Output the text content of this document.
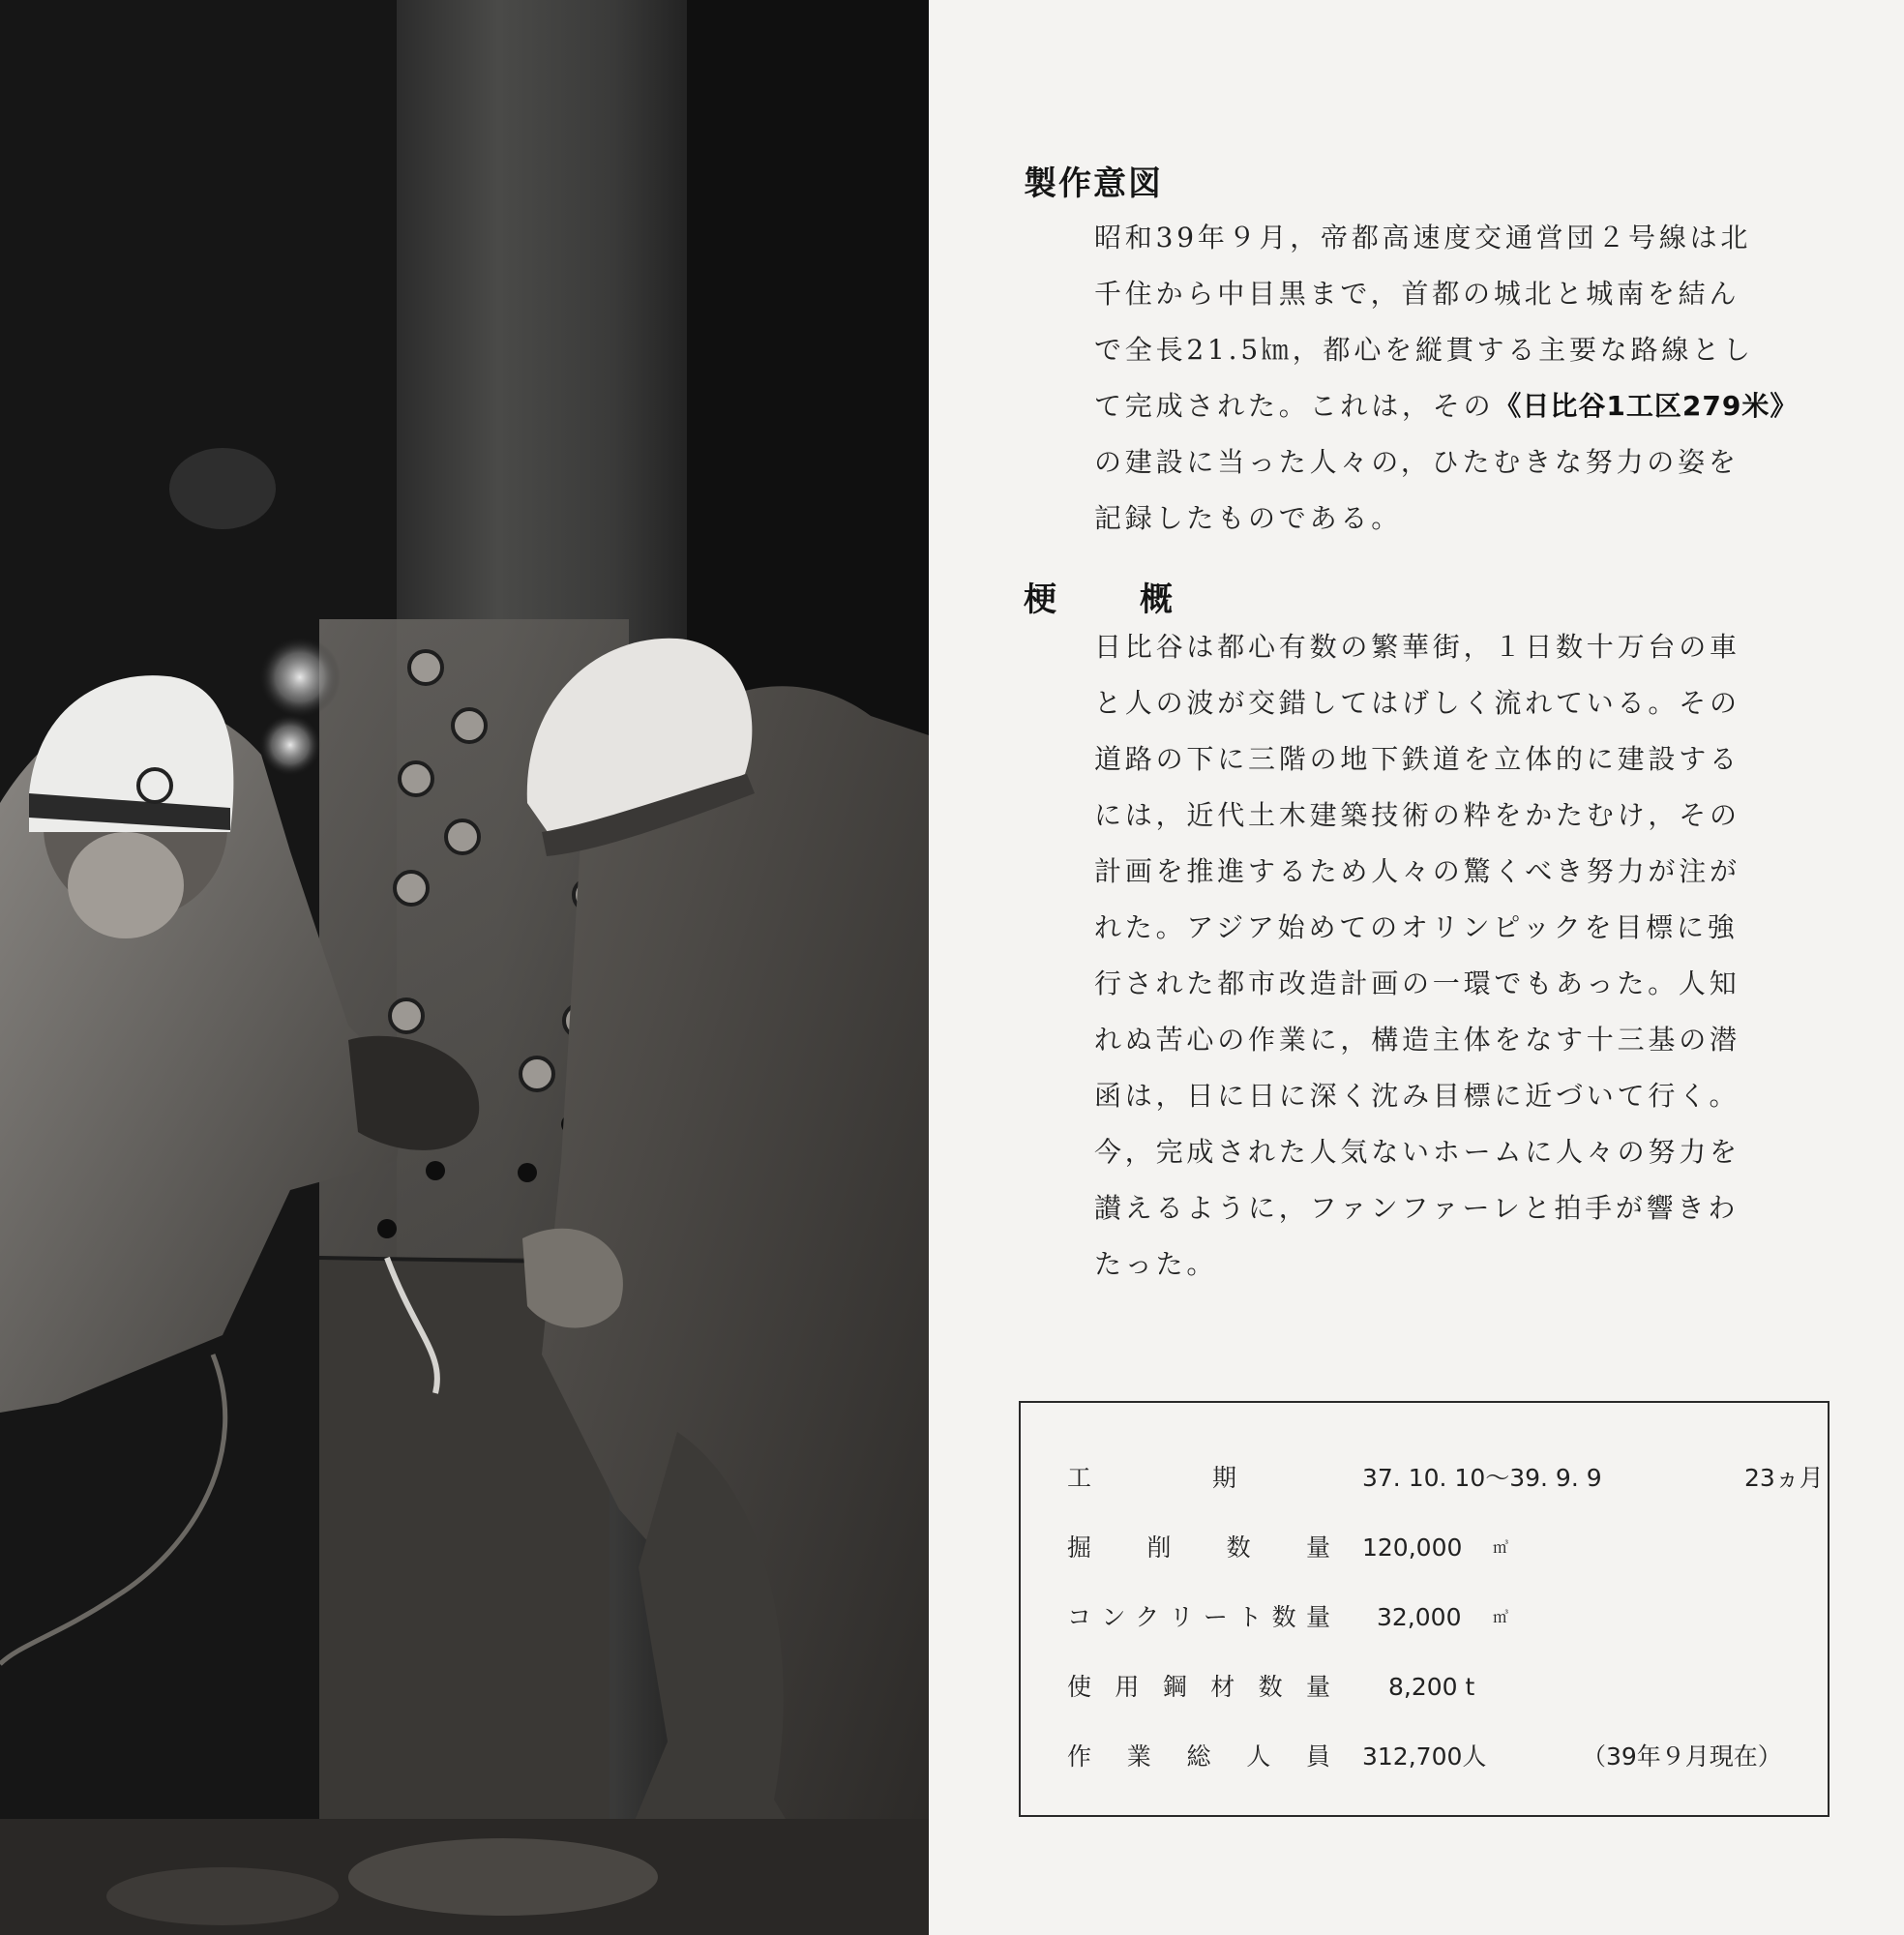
製作意図
昭和39年９月，帝都高速度交通営団２号線は北
千住から中目黒まで，首都の城北と城南を結ん
で全長21.5㎞，都心を縦貫する主要な路線とし
て完成された。これは，その《日比谷1工区279米》
の建設に当った人々の，ひたむきな努力の姿を
記録したものである。
梗　　概
日比谷は都心有数の繁華街，１日数十万台の車
と人の波が交錯してはげしく流れている。その
道路の下に三階の地下鉄道を立体的に建設する
には，近代土木建築技術の粋をかたむけ，その
計画を推進するため人々の驚くべき努力が注が
れた。アジア始めてのオリンピックを目標に強
行された都市改造計画の一環でもあった。人知
れぬ苦心の作業に，構造主体をなす十三基の潜
函は，日に日に深く沈み目標に近づいて行く。
今，完成された人気ないホームに人々の努力を
讃えるように，ファンファーレと拍手が響きわ
たった。
工　　　　　期	37. 10. 10～39. 9. 9	23ヵ月
掘削数量 120,000 ㎥
コンクリート数量 32,000 ㎥
使用鋼材数量 8,200 t
作業総人員 312,700人	（39年９月現在）
